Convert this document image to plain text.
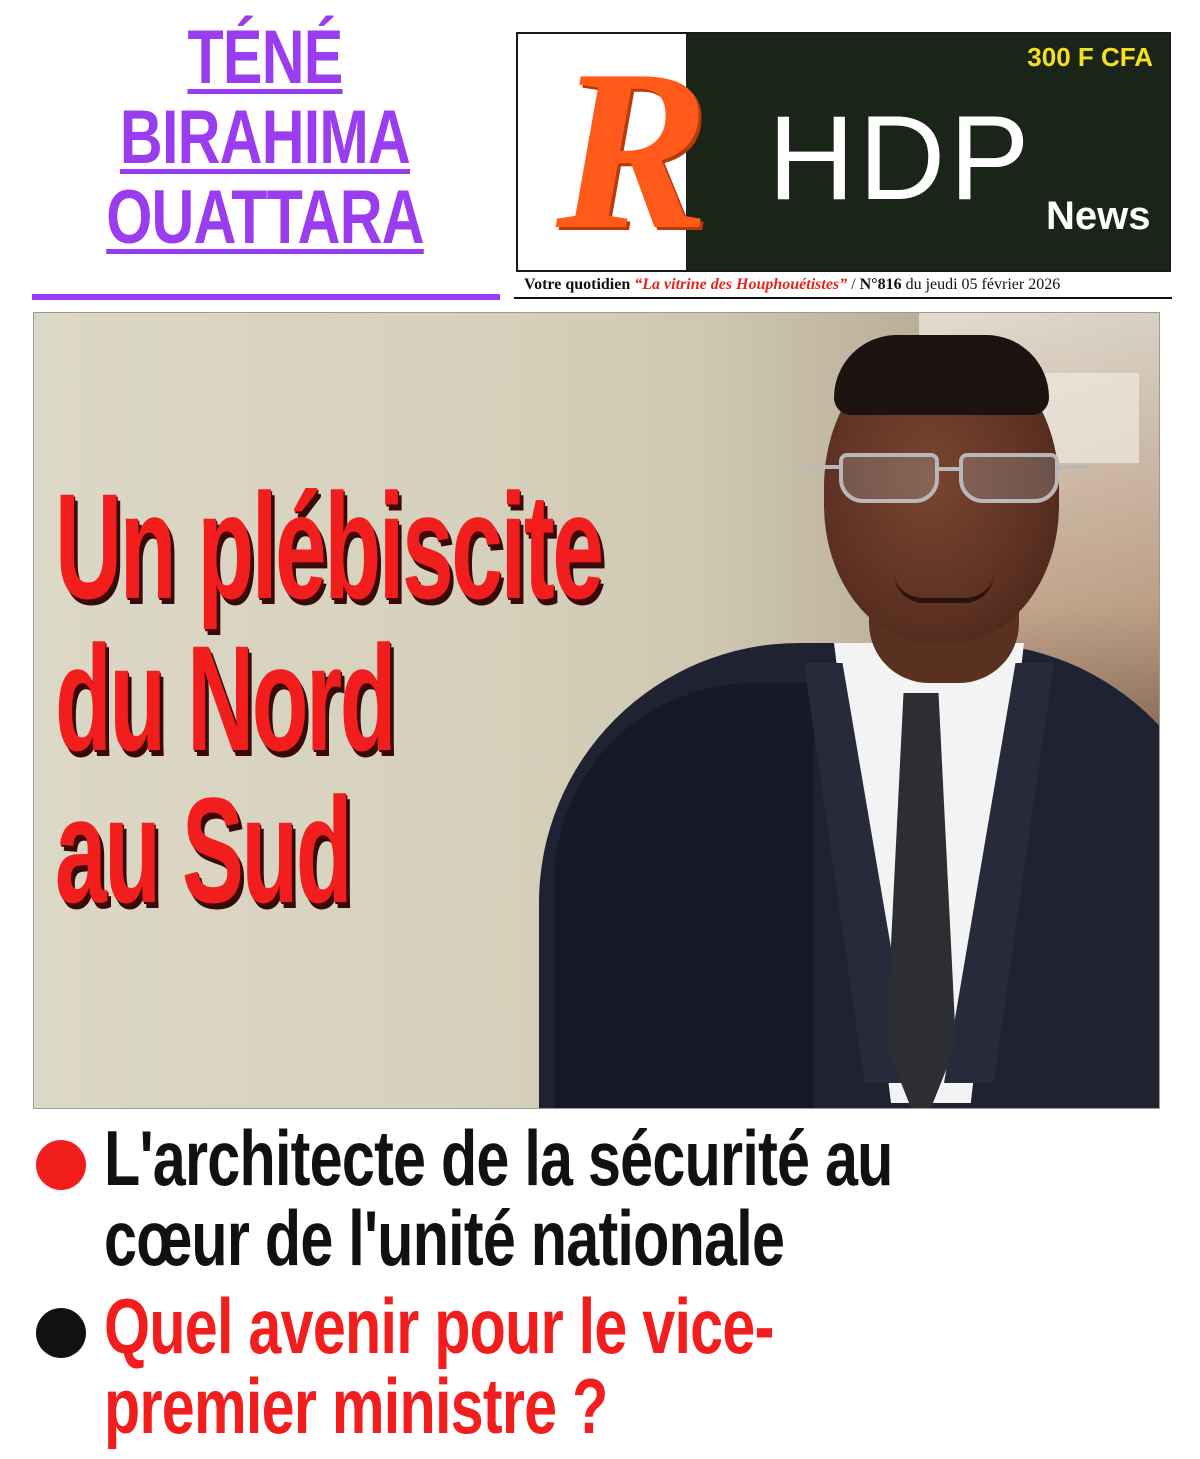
TÉNÉ
BIRAHIMA
OUATTARA R HDP News
300 F CFA
Votre quotidien “La vitrine des Houphouétistes” / N°816 du jeudi 05 février 2026
Un plébiscite
du Nord
au Sud
L'architecte de la sécurité au
cœur de l'unité nationale
Quel avenir pour le vice-
premier ministre ?
